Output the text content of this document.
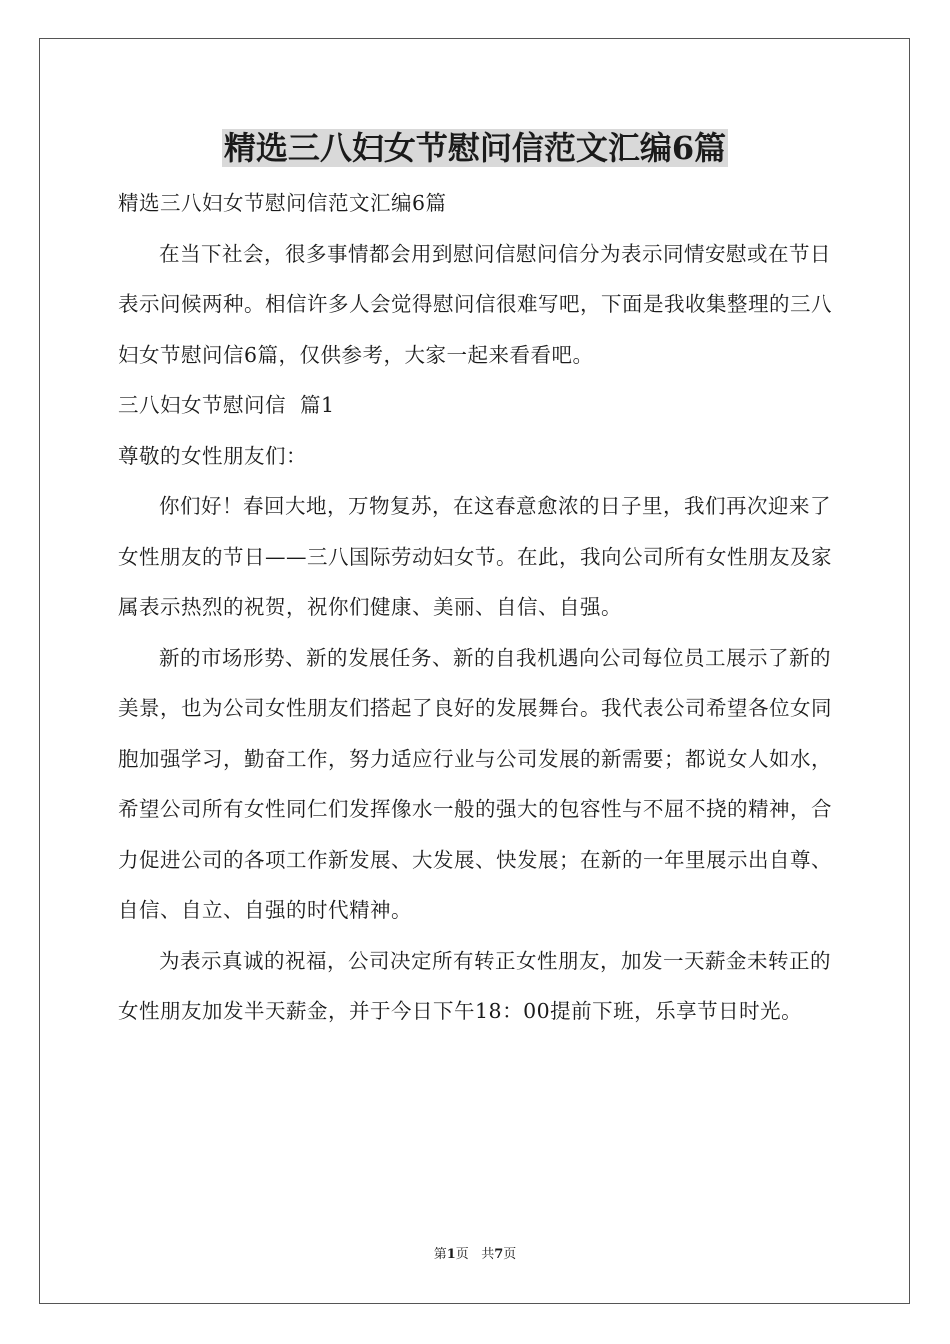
精选三八妇女节慰问信范文汇编6篇

精选三八妇女节慰问信范文汇编6篇

在当下社会，很多事情都会用到慰问信慰问信分为表示同情安慰或在节日表示问候两种。相信许多人会觉得慰问信很难写吧，下面是我收集整理的三八妇女节慰问信6篇，仅供参考，大家一起来看看吧。

三八妇女节慰问信  篇1

尊敬的女性朋友们：

你们好！春回大地，万物复苏，在这春意愈浓的日子里，我们再次迎来了女性朋友的节日——三八国际劳动妇女节。在此，我向公司所有女性朋友及家属表示热烈的祝贺，祝你们健康、美丽、自信、自强。

新的市场形势、新的发展任务、新的自我机遇向公司每位员工展示了新的美景，也为公司女性朋友们搭起了良好的发展舞台。我代表公司希望各位女同胞加强学习，勤奋工作，努力适应行业与公司发展的新需要；都说女人如水，希望公司所有女性同仁们发挥像水一般的强大的包容性与不屈不挠的精神，合力促进公司的各项工作新发展、大发展、快发展；在新的一年里展示出自尊、自信、自立、自强的时代精神。

为表示真诚的祝福，公司决定所有转正女性朋友，加发一天薪金未转正的女性朋友加发半天薪金，并于今日下午18：00提前下班，乐享节日时光。

第1页   共7页
